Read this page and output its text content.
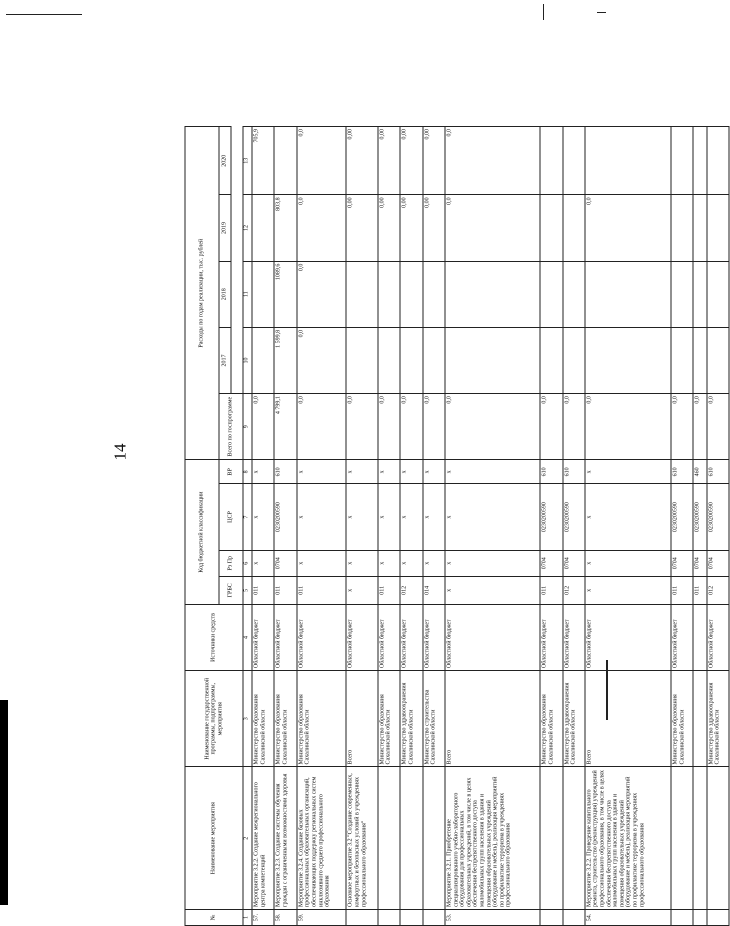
14
№	Наименование мероприятия	Наименование государственной программы, подпрограммы, мероприятия	Источники средств	Код бюджетной классификации				Расходы по годам реализации, тыс. рублей				
				ГРБС	Рз Пр	ЦСР	ВР	Всего по госпрограмме	2017	2018	2019	2020

1	2	3	4	5	6	7	8	9	10	11	12	13
57.	Мероприятие 3.2.2. Создание межрегионального центра компетенций	Министерство образования Сахалинской области	Областной бюджет	011	x	x	x	0,0				705,9
58.	Мероприятие 3.2.3. Создание системы обучения граждан с ограниченными возможностями здоровья	Министерство образования Сахалинской области	Областной бюджет	011	0704	0230200590	610	4 799,1	1 599,8	1089,6	803,8	
59.	Мероприятие 3.2.4. Создание базовых профессиональных образовательных организаций, обеспечивающих поддержку региональных систем инклюзивного среднего профессионального образования	Министерство образования Сахалинской области	Областной бюджет	011	x	x	x	0,0	0,0	0,0	0,0	0,0
	Основное мероприятие 3.2 "Создание современных, комфортных и безопасных условий в учреждениях профессионального образования"	Всего	Областной бюджет	x	x	x	x	0,0			0,00	0,00
		Министерство образования Сахалинской области	Областной бюджет	011	x	x	x	0,0			0,00	0,00
		Министерство здравоохранения Сахалинской области	Областной бюджет	012	x	x	x	0,0			0,00	0,00
		Министерство строительства Сахалинской области	Областной бюджет	014	x	x	x	0,0			0,00	0,00
53.	Мероприятие 3.2.1. Приобретение специализированного учебно-лабораторного оборудования для профессиональных образовательных учреждений, в том числе в целях обеспечения беспрепятственного доступа маломобильных групп населения в здания и помещения образовательных учреждений (оборудование и мебель), реализация мероприятий по профилактике терроризма в учреждениях профессионального образования	Всего	Областной бюджет	x	x	x	x	0,0			0,0	0,0
		Министерство образования Сахалинской области	Областной бюджет	011	0704	0230200590	610	0,0				
		Министерство здравоохранения Сахалинской области	Областной бюджет	012	0704	0230200590	610	0,0				
54.	Мероприятие 3.2.2. Проведение капитального ремонта, строительство (реконструкция) учреждений профессионального образования, в том числе в целях обеспечения беспрепятственного доступа маломобильных групп населения в здания и помещения образовательных учреждений (оборудование и мебель), реализация мероприятий по профилактике терроризма в учреждениях профессионального образования	Всего	Областной бюджет	x	x	x	x	0,0			0,0	
		Министерство образования Сахалинской области	Областной бюджет	011	0704	0230200590	610	0,0				
				011	0704	0230200590	460	0,0				
		Министерство здравоохранения Сахалинской области	Областной бюджет	012	0704	0230200590	610	0,0				
